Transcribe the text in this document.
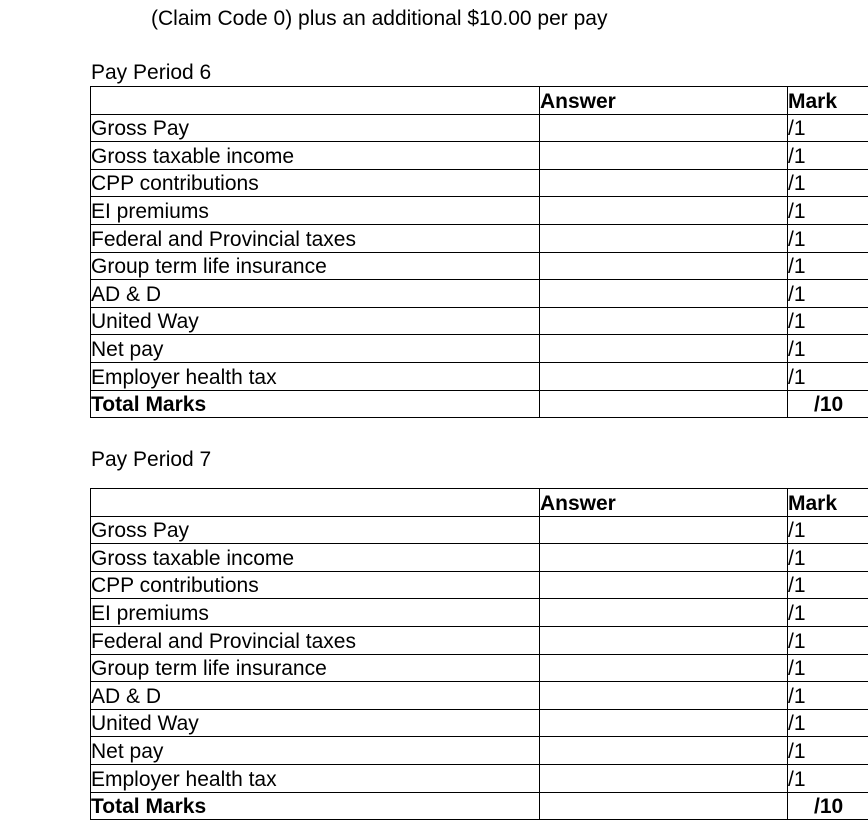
(Claim Code 0) plus an additional $10.00 per pay
Pay Period 6
	Answer	Mark
Gross Pay		/1
Gross taxable income		/1
CPP contributions		/1
EI premiums		/1
Federal and Provincial taxes		/1
Group term life insurance		/1
AD & D		/1
United Way		/1
Net pay		/1
Employer health tax		/1
Total Marks		/10
Pay Period 7
	Answer	Mark
Gross Pay		/1
Gross taxable income		/1
CPP contributions		/1
EI premiums		/1
Federal and Provincial taxes		/1
Group term life insurance		/1
AD & D		/1
United Way		/1
Net pay		/1
Employer health tax		/1
Total Marks		/10
